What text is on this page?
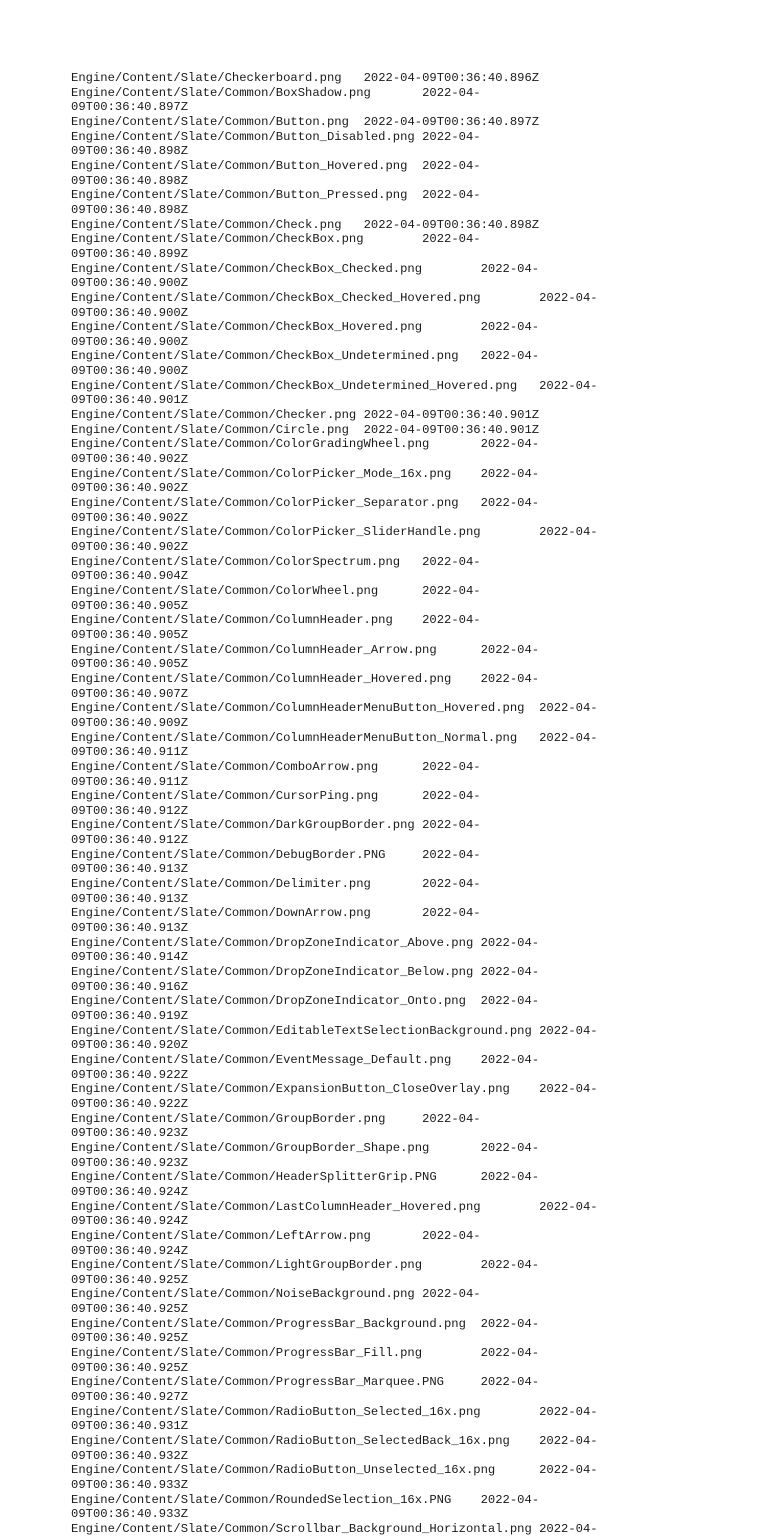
Engine/Content/Slate/Checkerboard.png 2022-04-09T00:36:40.896Z
Engine/Content/Slate/Common/BoxShadow.png	2022-04-
09T00:36:40.897Z
Engine/Content/Slate/Common/Button.png 2022-04-09T00:36:40.897Z
Engine/Content/Slate/Common/Button_Disabled.png 2022-04-
09T00:36:40.898Z
Engine/Content/Slate/Common/Button_Hovered.png 2022-04-
09T00:36:40.898Z
Engine/Content/Slate/Common/Button_Pressed.png 2022-04-
09T00:36:40.898Z
Engine/Content/Slate/Common/Check.png 2022-04-09T00:36:40.898Z
Engine/Content/Slate/Common/CheckBox.png	2022-04-
09T00:36:40.899Z
Engine/Content/Slate/Common/CheckBox_Checked.png	2022-04-
09T00:36:40.900Z
Engine/Content/Slate/Common/CheckBox_Checked_Hovered.png	2022-04-
09T00:36:40.900Z
Engine/Content/Slate/Common/CheckBox_Hovered.png	2022-04-
09T00:36:40.900Z
Engine/Content/Slate/Common/CheckBox_Undetermined.png 2022-04-
09T00:36:40.900Z
Engine/Content/Slate/Common/CheckBox_Undetermined_Hovered.png 2022-04-
09T00:36:40.901Z
Engine/Content/Slate/Common/Checker.png 2022-04-09T00:36:40.901Z
Engine/Content/Slate/Common/Circle.png 2022-04-09T00:36:40.901Z
Engine/Content/Slate/Common/ColorGradingWheel.png	2022-04-
09T00:36:40.902Z
Engine/Content/Slate/Common/ColorPicker_Mode_16x.png 2022-04-
09T00:36:40.902Z
Engine/Content/Slate/Common/ColorPicker_Separator.png 2022-04-
09T00:36:40.902Z
Engine/Content/Slate/Common/ColorPicker_SliderHandle.png	2022-04-
09T00:36:40.902Z
Engine/Content/Slate/Common/ColorSpectrum.png 2022-04-
09T00:36:40.904Z
Engine/Content/Slate/Common/ColorWheel.png	2022-04-
09T00:36:40.905Z
Engine/Content/Slate/Common/ColumnHeader.png 2022-04-
09T00:36:40.905Z
Engine/Content/Slate/Common/ColumnHeader_Arrow.png	2022-04-
09T00:36:40.905Z
Engine/Content/Slate/Common/ColumnHeader_Hovered.png 2022-04-
09T00:36:40.907Z
Engine/Content/Slate/Common/ColumnHeaderMenuButton_Hovered.png 2022-04-
09T00:36:40.909Z
Engine/Content/Slate/Common/ColumnHeaderMenuButton_Normal.png 2022-04-
09T00:36:40.911Z
Engine/Content/Slate/Common/ComboArrow.png	2022-04-
09T00:36:40.911Z
Engine/Content/Slate/Common/CursorPing.png	2022-04-
09T00:36:40.912Z
Engine/Content/Slate/Common/DarkGroupBorder.png 2022-04-
09T00:36:40.912Z
Engine/Content/Slate/Common/DebugBorder.PNG	2022-04-
09T00:36:40.913Z
Engine/Content/Slate/Common/Delimiter.png	2022-04-
09T00:36:40.913Z
Engine/Content/Slate/Common/DownArrow.png	2022-04-
09T00:36:40.913Z
Engine/Content/Slate/Common/DropZoneIndicator_Above.png 2022-04-
09T00:36:40.914Z
Engine/Content/Slate/Common/DropZoneIndicator_Below.png 2022-04-
09T00:36:40.916Z
Engine/Content/Slate/Common/DropZoneIndicator_Onto.png 2022-04-
09T00:36:40.919Z
Engine/Content/Slate/Common/EditableTextSelectionBackground.png 2022-04-
09T00:36:40.920Z
Engine/Content/Slate/Common/EventMessage_Default.png 2022-04-
09T00:36:40.922Z
Engine/Content/Slate/Common/ExpansionButton_CloseOverlay.png 2022-04-
09T00:36:40.922Z
Engine/Content/Slate/Common/GroupBorder.png	2022-04-
09T00:36:40.923Z
Engine/Content/Slate/Common/GroupBorder_Shape.png	2022-04-
09T00:36:40.923Z
Engine/Content/Slate/Common/HeaderSplitterGrip.PNG	2022-04-
09T00:36:40.924Z
Engine/Content/Slate/Common/LastColumnHeader_Hovered.png	2022-04-
09T00:36:40.924Z
Engine/Content/Slate/Common/LeftArrow.png	2022-04-
09T00:36:40.924Z
Engine/Content/Slate/Common/LightGroupBorder.png	2022-04-
09T00:36:40.925Z
Engine/Content/Slate/Common/NoiseBackground.png 2022-04-
09T00:36:40.925Z
Engine/Content/Slate/Common/ProgressBar_Background.png 2022-04-
09T00:36:40.925Z
Engine/Content/Slate/Common/ProgressBar_Fill.png	2022-04-
09T00:36:40.925Z
Engine/Content/Slate/Common/ProgressBar_Marquee.PNG	2022-04-
09T00:36:40.927Z
Engine/Content/Slate/Common/RadioButton_Selected_16x.png	2022-04-
09T00:36:40.931Z
Engine/Content/Slate/Common/RadioButton_SelectedBack_16x.png 2022-04-
09T00:36:40.932Z
Engine/Content/Slate/Common/RadioButton_Unselected_16x.png	2022-04-
09T00:36:40.933Z
Engine/Content/Slate/Common/RoundedSelection_16x.PNG 2022-04-
09T00:36:40.933Z
Engine/Content/Slate/Common/Scrollbar_Background_Horizontal.png 2022-04-
